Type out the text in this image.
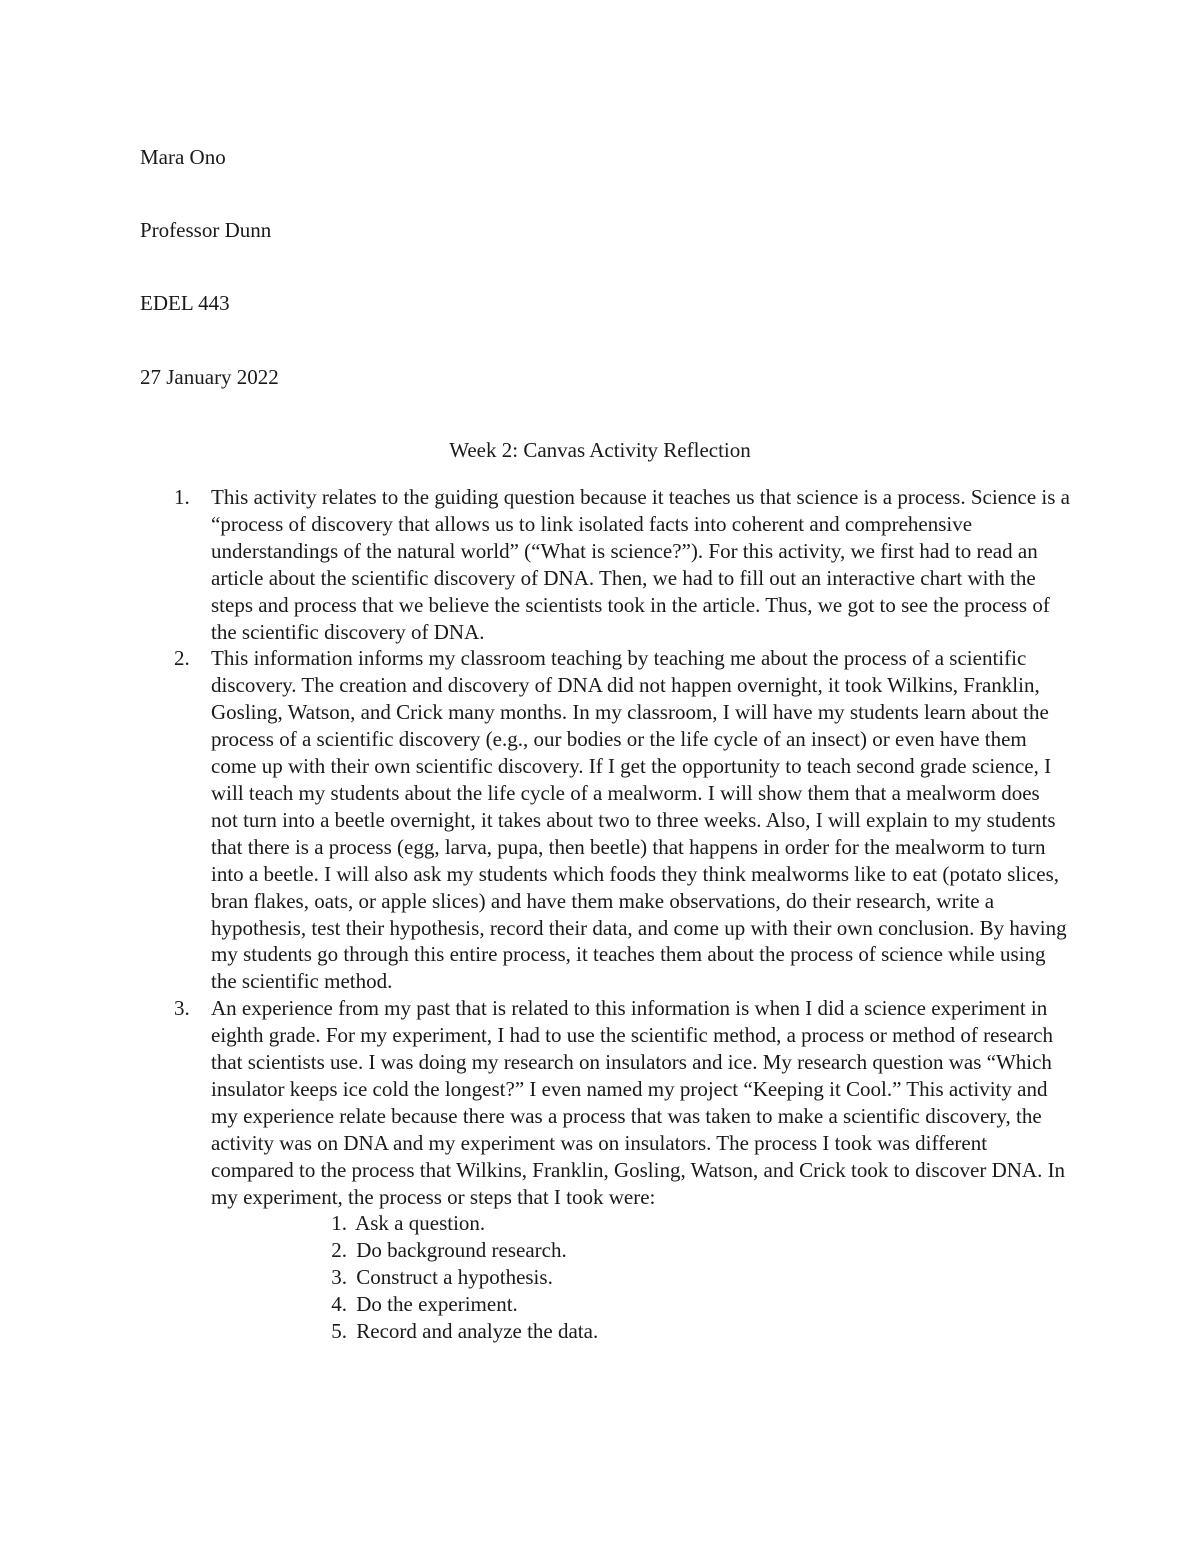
Mara Ono
Professor Dunn
EDEL 443
27 January 2022
Week 2: Canvas Activity Reflection
1. This activity relates to the guiding question because it teaches us that science is a process. Science is a “process of discovery that allows us to link isolated facts into coherent and comprehensive understandings of the natural world” (“What is science?”). For this activity, we first had to read an article about the scientific discovery of DNA. Then, we had to fill out an interactive chart with the steps and process that we believe the scientists took in the article. Thus, we got to see the process of the scientific discovery of DNA.
2. This information informs my classroom teaching by teaching me about the process of a scientific discovery. The creation and discovery of DNA did not happen overnight, it took Wilkins, Franklin, Gosling, Watson, and Crick many months. In my classroom, I will have my students learn about the process of a scientific discovery (e.g., our bodies or the life cycle of an insect) or even have them come up with their own scientific discovery. If I get the opportunity to teach second grade science, I will teach my students about the life cycle of a mealworm. I will show them that a mealworm does not turn into a beetle overnight, it takes about two to three weeks. Also, I will explain to my students that there is a process (egg, larva, pupa, then beetle) that happens in order for the mealworm to turn into a beetle. I will also ask my students which foods they think mealworms like to eat (potato slices, bran flakes, oats, or apple slices) and have them make observations, do their research, write a hypothesis, test their hypothesis, record their data, and come up with their own conclusion. By having my students go through this entire process, it teaches them about the process of science while using the scientific method.
3. An experience from my past that is related to this information is when I did a science experiment in eighth grade. For my experiment, I had to use the scientific method, a process or method of research that scientists use. I was doing my research on insulators and ice. My research question was “Which insulator keeps ice cold the longest?” I even named my project “Keeping it Cool.” This activity and my experience relate because there was a process that was taken to make a scientific discovery, the activity was on DNA and my experiment was on insulators. The process I took was different compared to the process that Wilkins, Franklin, Gosling, Watson, and Crick took to discover DNA. In my experiment, the process or steps that I took were:
1. Ask a question.
2. Do background research.
3. Construct a hypothesis.
4. Do the experiment.
5. Record and analyze the data.
